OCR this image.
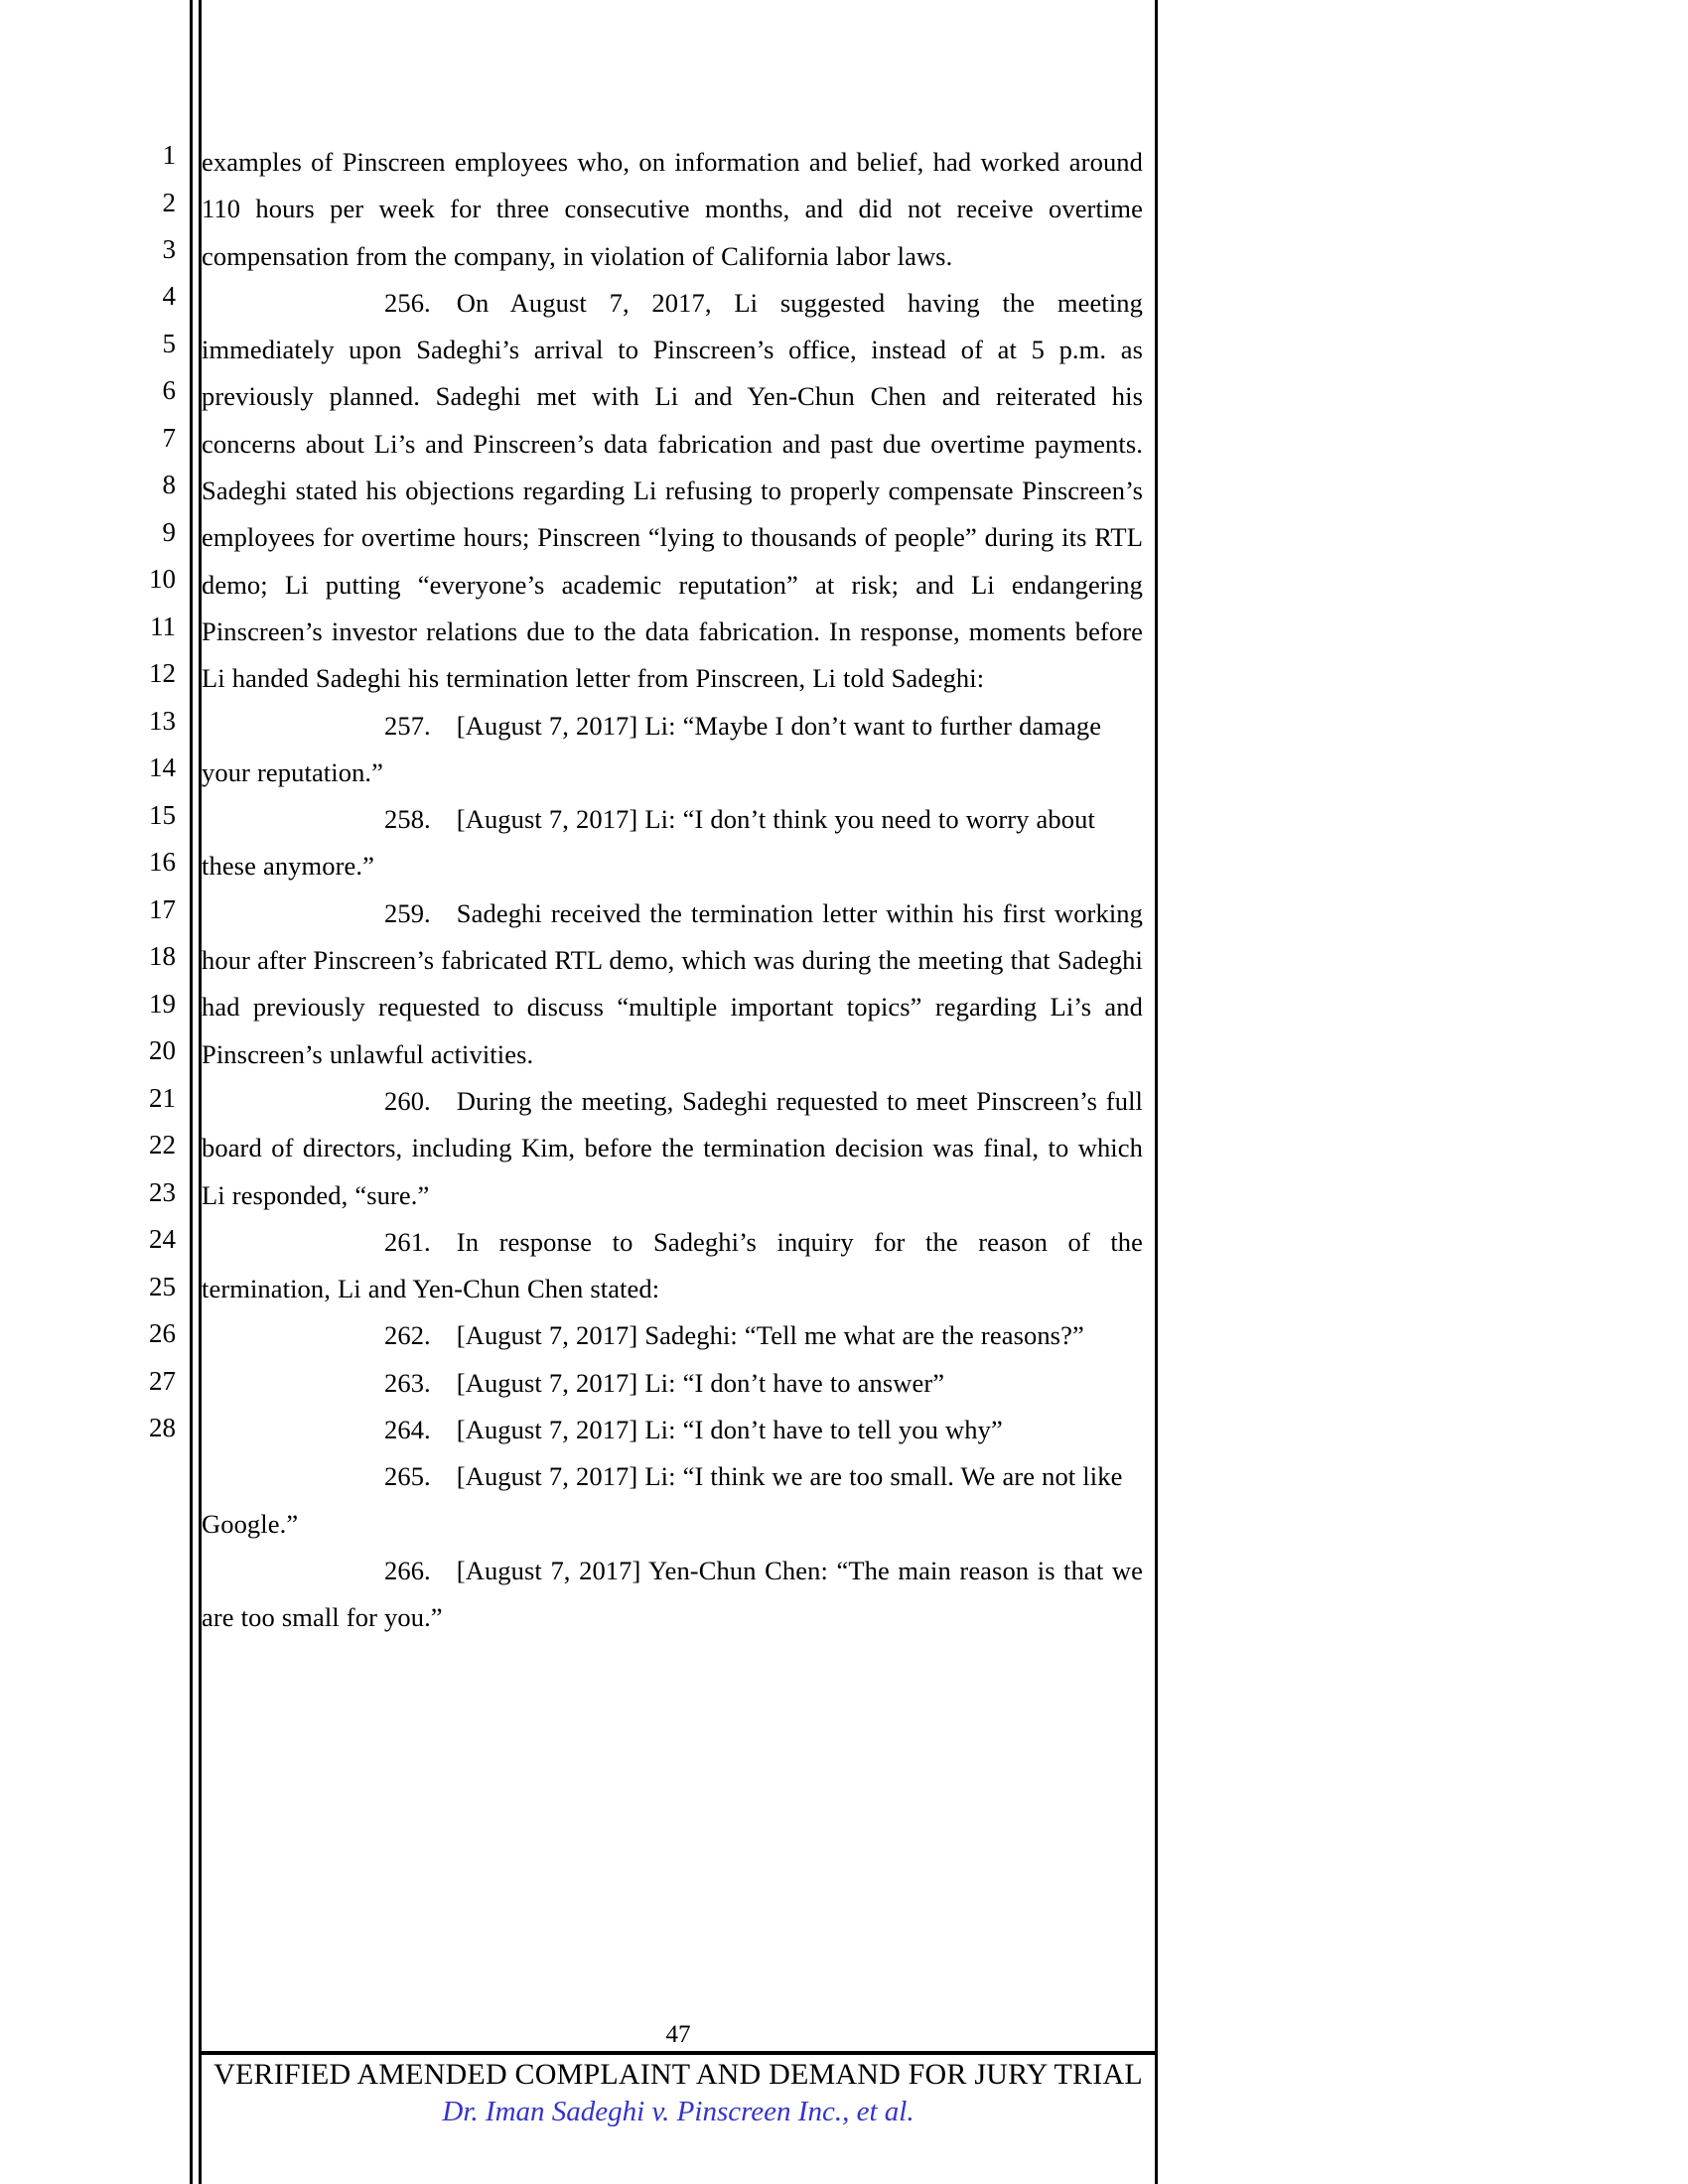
1
2
3
4
5
6
7
8
9
10
11
12
13
14
15
16
17
18
19
20
21
22
23
24
25
26
27
28

examples of Pinscreen employees who, on information and belief, had worked around 110 hours per week for three consecutive months, and did not receive overtime compensation from the company, in violation of California labor laws.

256. On August 7, 2017, Li suggested having the meeting immediately upon Sadeghi’s arrival to Pinscreen’s office, instead of at 5 p.m. as previously planned. Sadeghi met with Li and Yen-Chun Chen and reiterated his concerns about Li’s and Pinscreen’s data fabrication and past due overtime payments. Sadeghi stated his objections regarding Li refusing to properly compensate Pinscreen’s employees for overtime hours; Pinscreen “lying to thousands of people” during its RTL demo; Li putting “everyone’s academic reputation” at risk; and Li endangering Pinscreen’s investor relations due to the data fabrication. In response, moments before Li handed Sadeghi his termination letter from Pinscreen, Li told Sadeghi:

257. [August 7, 2017] Li: “Maybe I don’t want to further damage your reputation.”

258. [August 7, 2017] Li: “I don’t think you need to worry about these anymore.”

259. Sadeghi received the termination letter within his first working hour after Pinscreen’s fabricated RTL demo, which was during the meeting that Sadeghi had previously requested to discuss “multiple important topics” regarding Li’s and Pinscreen’s unlawful activities.

260. During the meeting, Sadeghi requested to meet Pinscreen’s full board of directors, including Kim, before the termination decision was final, to which Li responded, “sure.”

261. In response to Sadeghi’s inquiry for the reason of the termination, Li and Yen-Chun Chen stated:

262. [August 7, 2017] Sadeghi: “Tell me what are the reasons?”

263. [August 7, 2017] Li: “I don’t have to answer”

264. [August 7, 2017] Li: “I don’t have to tell you why”

265. [August 7, 2017] Li: “I think we are too small. We are not like Google.”

266. [August 7, 2017] Yen-Chun Chen: “The main reason is that we are too small for you.”

47
VERIFIED AMENDED COMPLAINT AND DEMAND FOR JURY TRIAL
Dr. Iman Sadeghi v. Pinscreen Inc., et al.
